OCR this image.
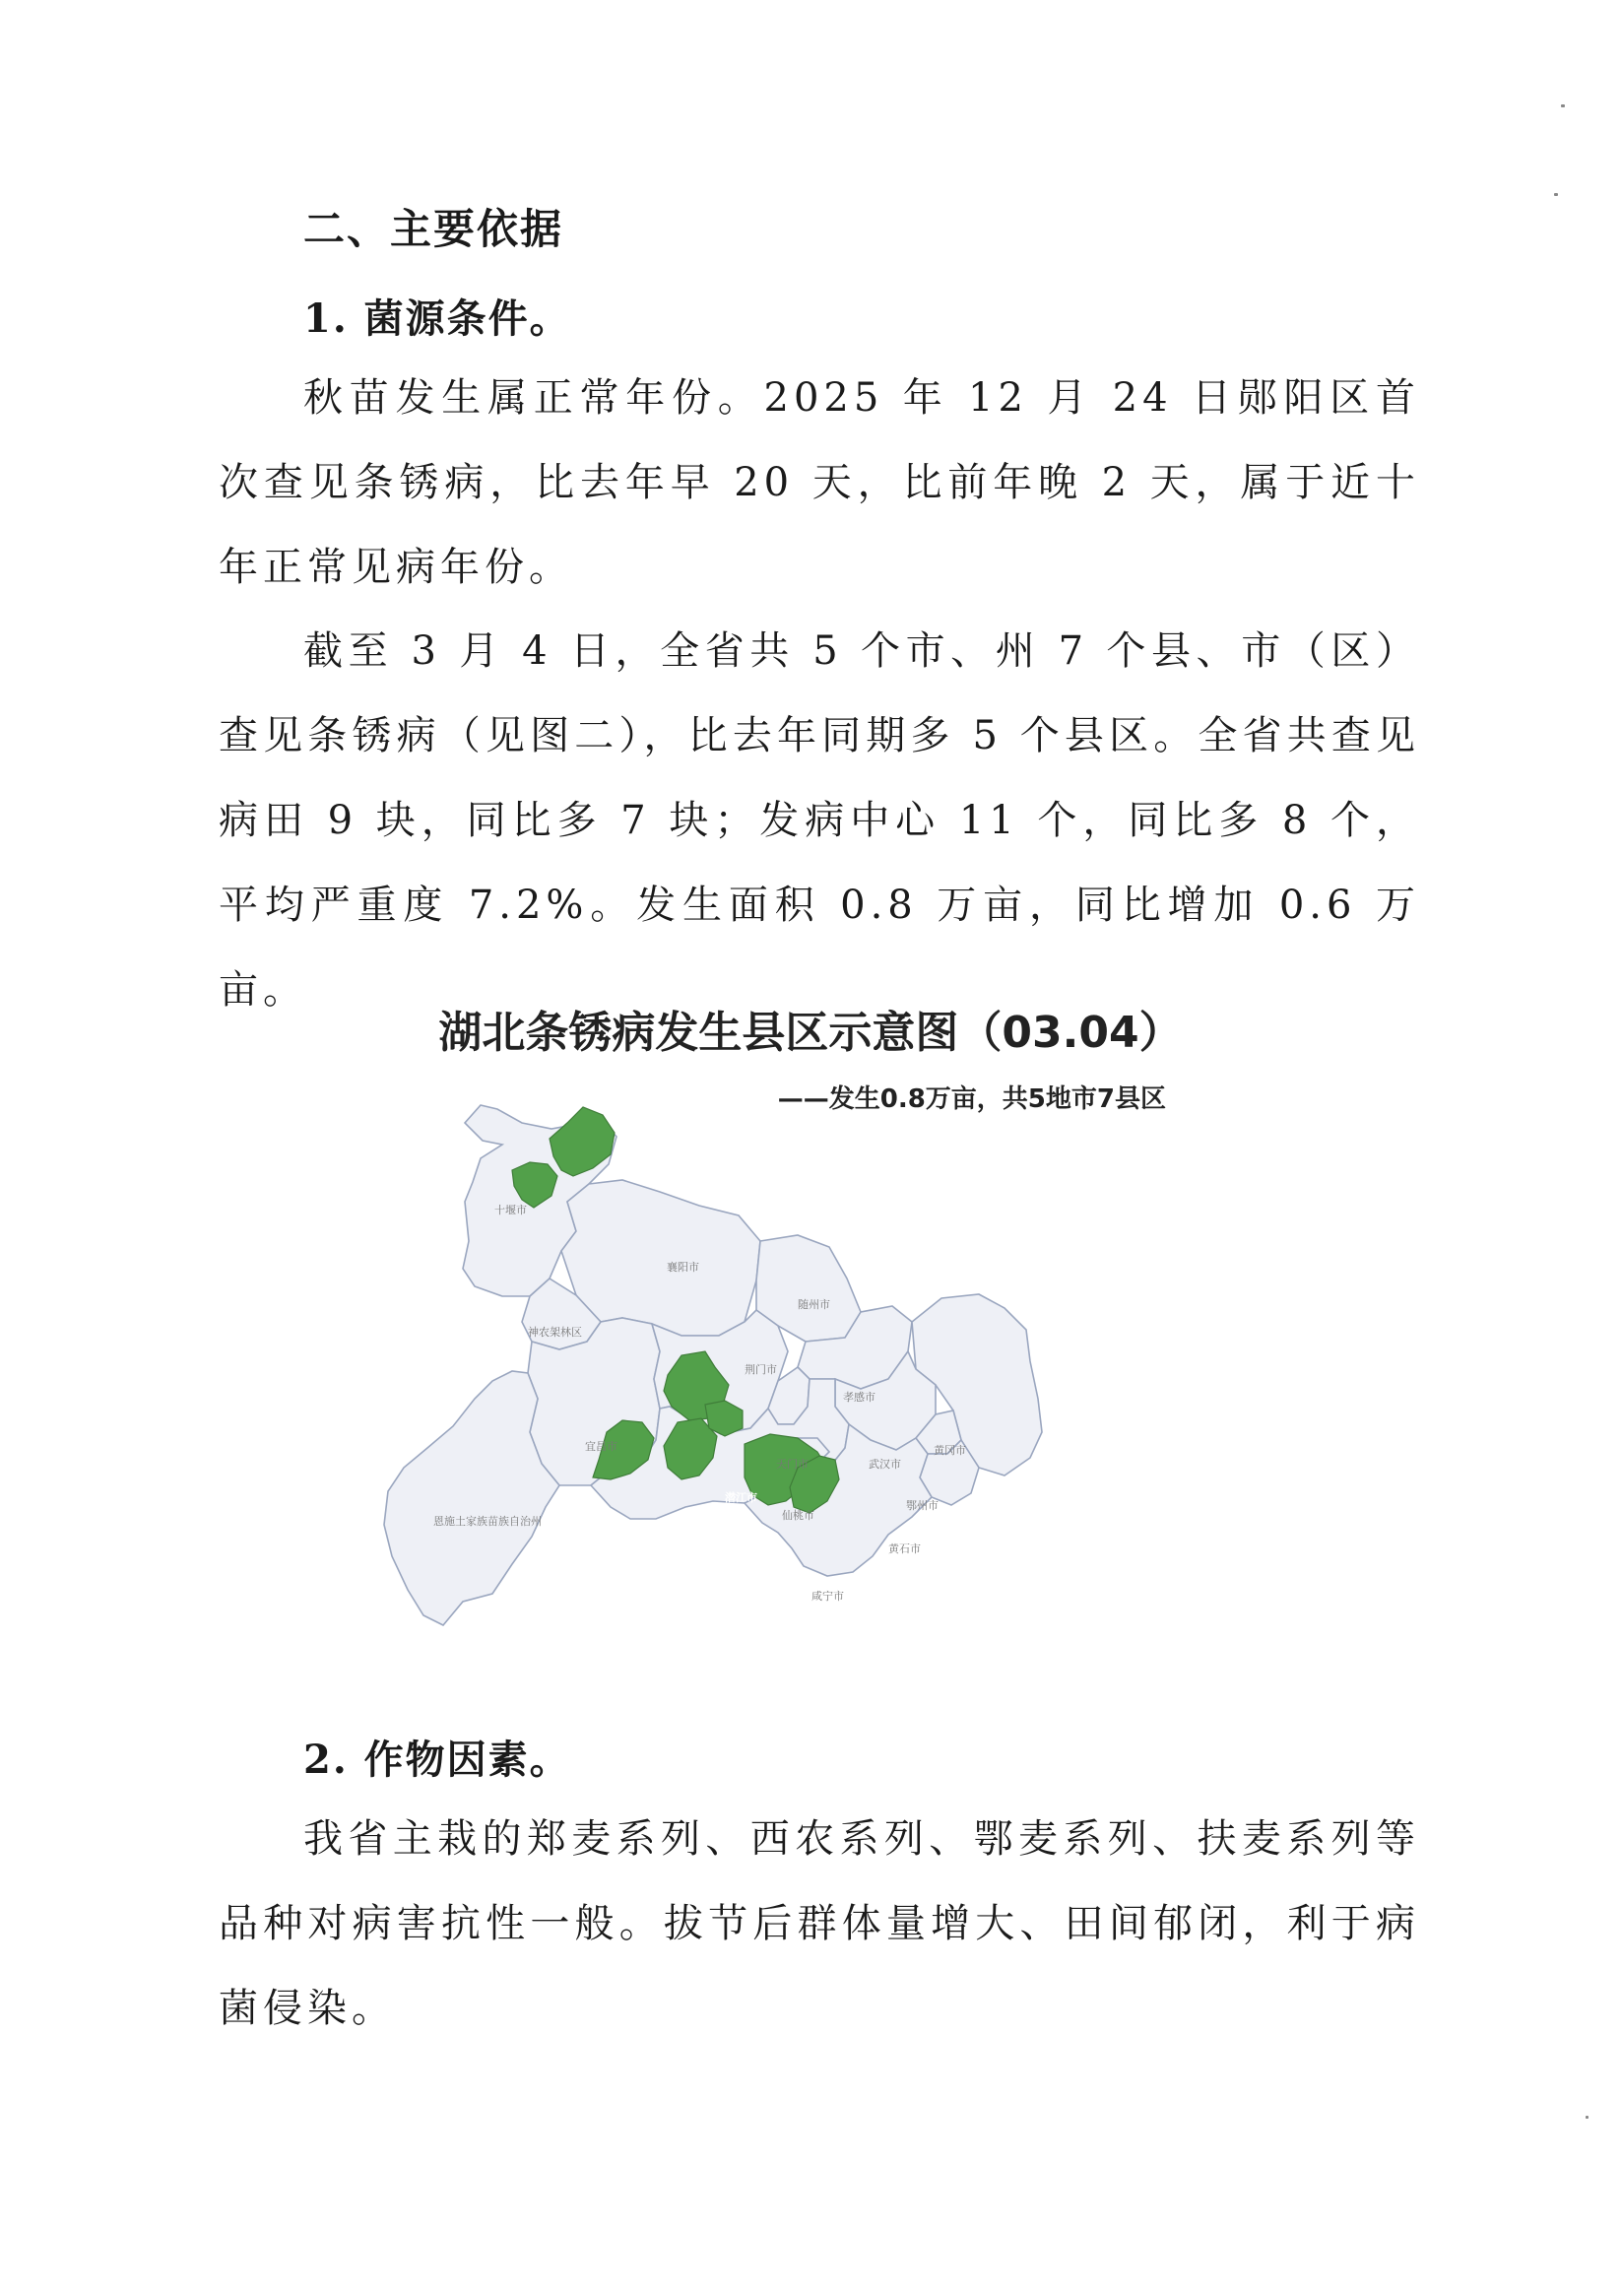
二、主要依据
1. 菌源条件。

秋苗发生属正常年份。2025 年 12 月 24 日郧阳区首次查见条锈病，比去年早 20 天，比前年晚 2 天，属于近十年正常见病年份。

截至 3 月 4 日，全省共 5 个市、州 7 个县、市（区）查见条锈病（见图二），比去年同期多 5 个县区。全省共查见病田 9 块，同比多 7 块；发病中心 11 个，同比多 8 个，平均严重度 7.2%。发生面积 0.8 万亩，同比增加 0.6 万亩。

湖北条锈病发生县区示意图（03.04）
——发生0.8万亩，共5地市7县区
十堰市
襄阳市
随州市
神农架林区
宜昌市
孝感市
黄冈市
荆门市
天门市	武汉市
恩施土家族苗族自治州
潜江市
仙桃市
鄂州市
黄石市
荆州市
咸宁市
2. 作物因素。

我省主栽的郑麦系列、西农系列、鄂麦系列、扶麦系列等品种对病害抗性一般。拔节后群体量增大、田间郁闭，利于病菌侵染。
